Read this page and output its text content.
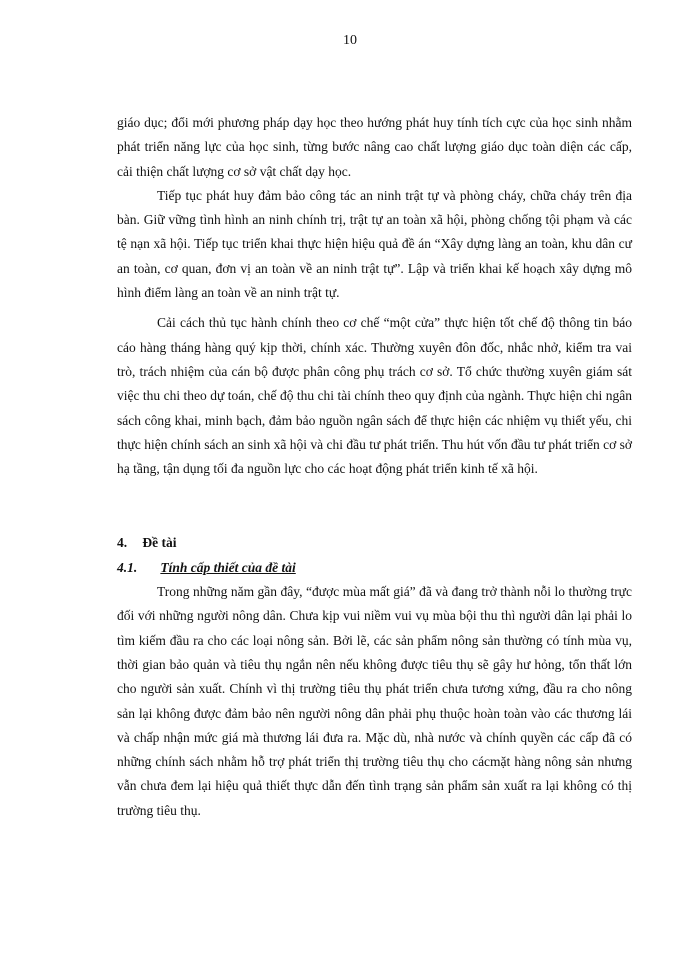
10

giáo dục; đổi mới phương pháp dạy học theo hướng phát huy tính tích cực của học sinh nhằm phát triển năng lực của học sinh, từng bước nâng cao chất lượng giáo dục toàn diện các cấp, cải thiện chất lượng cơ sở vật chất dạy học.

Tiếp tục phát huy đảm bảo công tác an ninh trật tự và phòng cháy, chữa cháy trên địa bàn. Giữ vững tình hình an ninh chính trị, trật tự an toàn xã hội, phòng chống tội phạm và các tệ nạn xã hội. Tiếp tục triển khai thực hiện hiệu quả đề án “Xây dựng làng an toàn, khu dân cư an toàn, cơ quan, đơn vị an toàn về an ninh trật tự”. Lập và triển khai kế hoạch xây dựng mô hình điểm làng an toàn về an ninh trật tự.

Cải cách thủ tục hành chính theo cơ chế “một cửa” thực hiện tốt chế độ thông tin báo cáo hàng tháng hàng quý kịp thời, chính xác. Thường xuyên đôn đốc, nhắc nhở, kiểm tra vai trò, trách nhiệm của cán bộ được phân công phụ trách cơ sở. Tổ chức thường xuyên giám sát việc thu chi theo dự toán, chế độ thu chi tài chính theo quy định của ngành. Thực hiện chi ngân sách công khai, minh bạch, đảm bảo nguồn ngân sách để thực hiện các nhiệm vụ thiết yếu, chi thực hiện chính sách an sinh xã hội và chi đầu tư phát triển. Thu hút vốn đầu tư phát triển cơ sở hạ tầng, tận dụng tối đa nguồn lực cho các hoạt động phát triển kinh tế xã hội.

4. Đề tài

4.1. Tính cấp thiết của đề tài

Trong những năm gần đây, “được mùa mất giá” đã và đang trở thành nỗi lo thường trực đối với những người nông dân. Chưa kịp vui niềm vui vụ mùa bội thu thì người dân lại phải lo tìm kiếm đầu ra cho các loại nông sản. Bởi lẽ, các sản phẩm nông sản thường có tính mùa vụ, thời gian bảo quản và tiêu thụ ngắn nên nếu không được tiêu thụ sẽ gây hư hỏng, tổn thất lớn cho người sản xuất. Chính vì thị trường tiêu thụ phát triển chưa tương xứng, đầu ra cho nông sản lại không được đảm bảo nên người nông dân phải phụ thuộc hoàn toàn vào các thương lái và chấp nhận mức giá mà thương lái đưa ra. Mặc dù, nhà nước và chính quyền các cấp đã có những chính sách nhằm hỗ trợ phát triển thị trường tiêu thụ cho cácmặt hàng nông sản nhưng vẫn chưa đem lại hiệu quả thiết thực dẫn đến tình trạng sản phẩm sản xuất ra lại không có thị trường tiêu thụ.
